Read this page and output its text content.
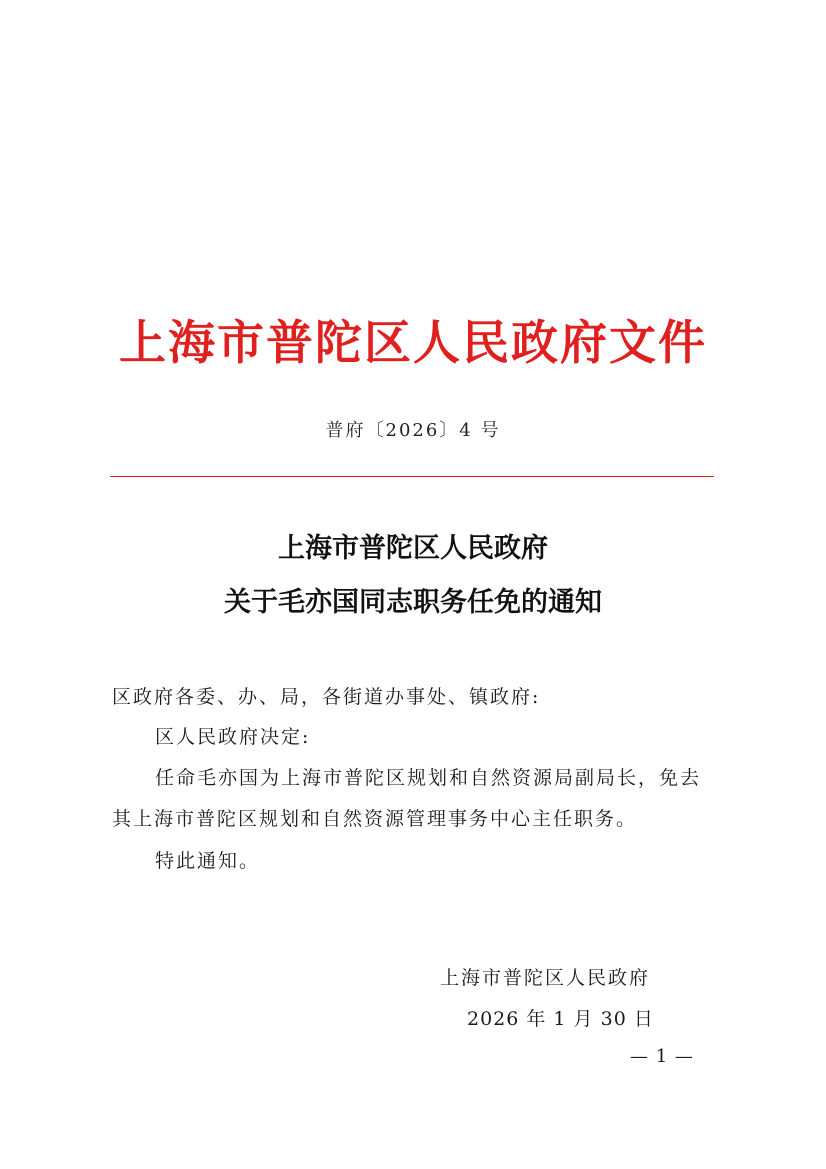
上海市普陀区人民政府文件
普府〔2026〕4 号
上海市普陀区人民政府
关于毛亦国同志职务任免的通知
区政府各委、办、局，各街道办事处、镇政府:
区人民政府决定:
任命毛亦国为上海市普陀区规划和自然资源局副局长，免去
其上海市普陀区规划和自然资源管理事务中心主任职务。
特此通知。
上海市普陀区人民政府
2026 年 1 月 30 日
— 1 —
